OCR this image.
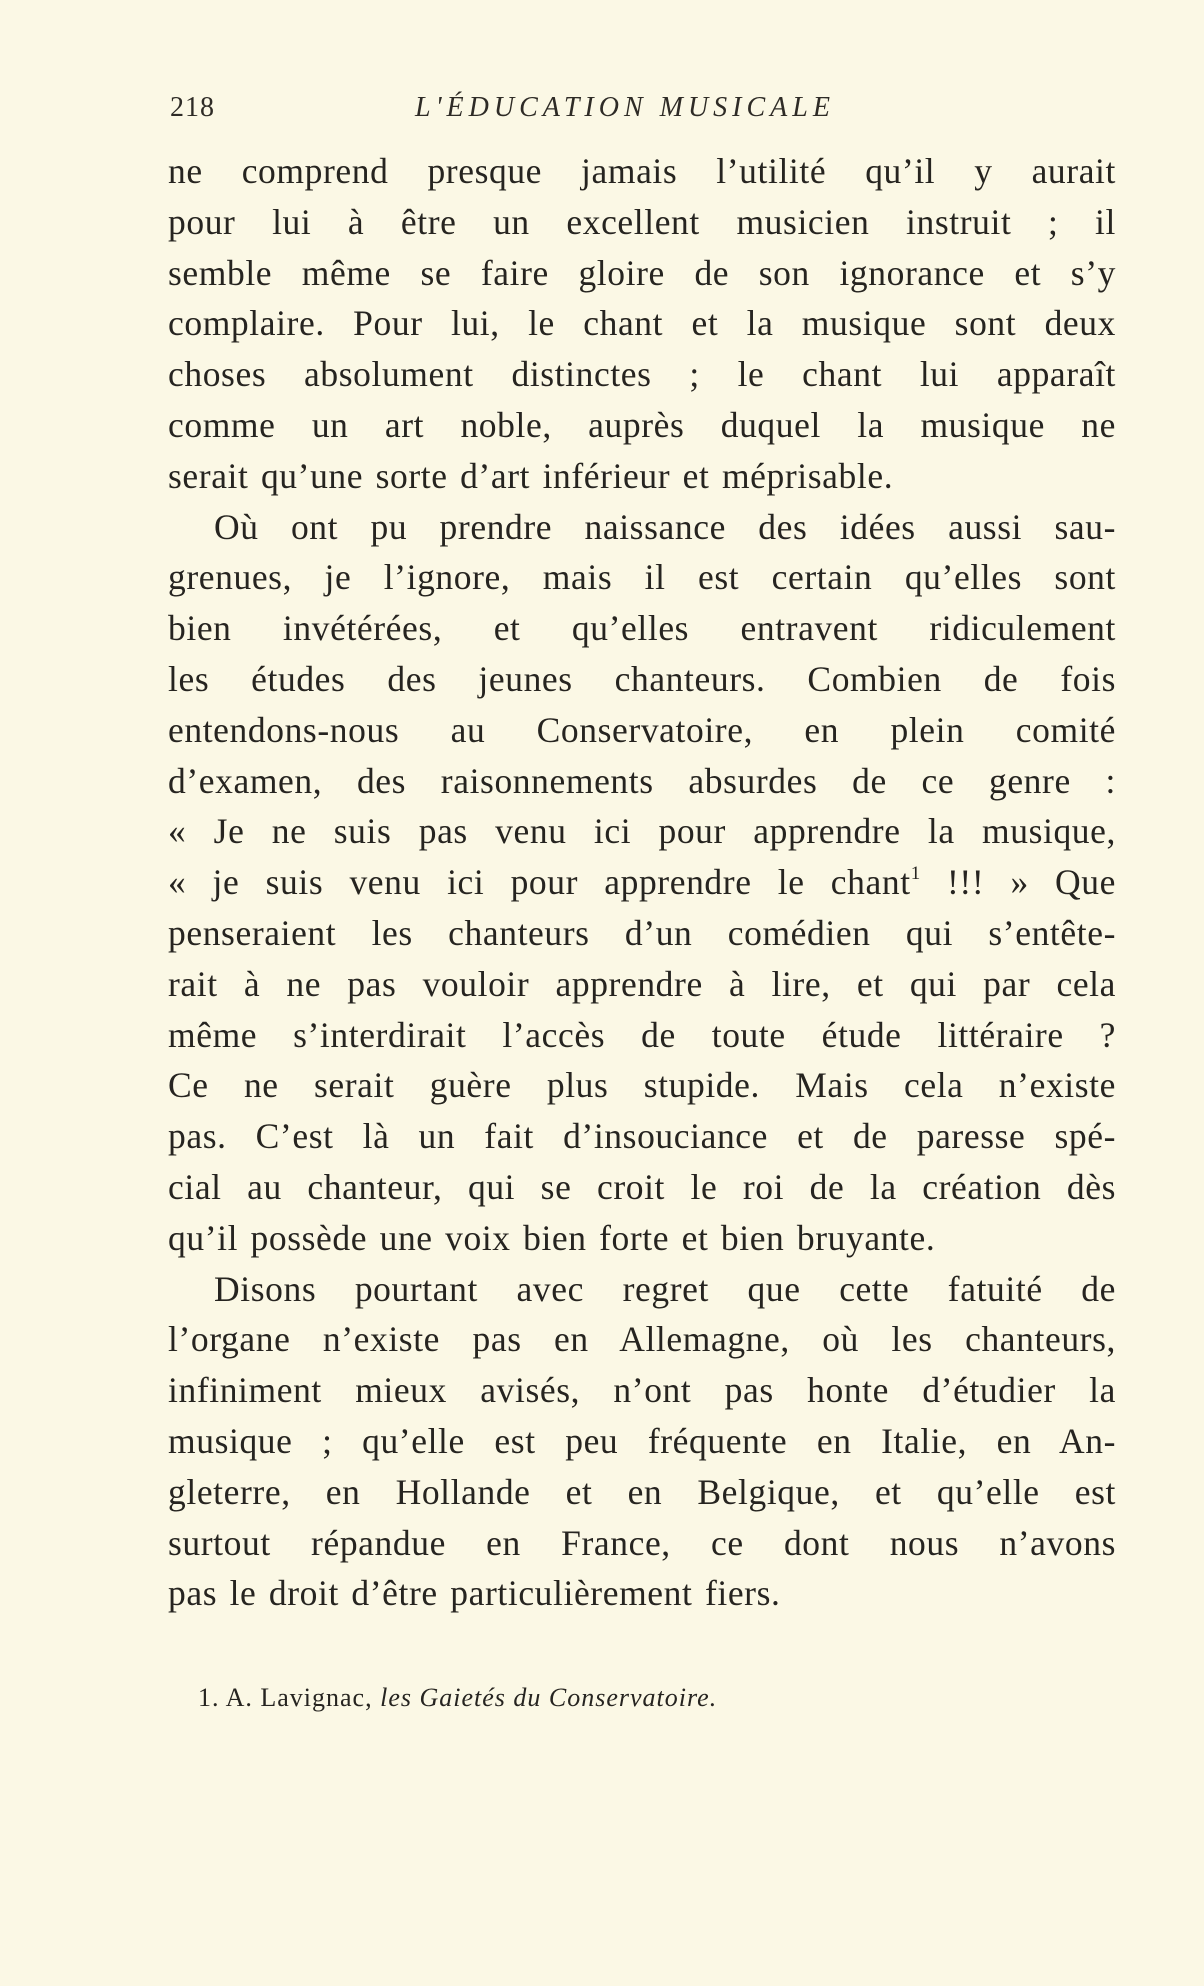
218	L'ÉDUCATION MUSICALE
ne comprend presque jamais l’utilité qu’il y aurait
pour lui à être un excellent musicien instruit ; il
semble même se faire gloire de son ignorance et s’y
complaire. Pour lui, le chant et la musique sont deux
choses absolument distinctes ; le chant lui apparaît
comme un art noble, auprès duquel la musique ne
serait qu’une sorte d’art inférieur et méprisable.
Où ont pu prendre naissance des idées aussi sau-
grenues, je l’ignore, mais il est certain qu’elles sont
bien invétérées, et qu’elles entravent ridiculement
les études des jeunes chanteurs. Combien de fois
entendons-nous au Conservatoire, en plein comité
d’examen, des raisonnements absurdes de ce genre :
« Je ne suis pas venu ici pour apprendre la musique,
« je suis venu ici pour apprendre le chant$^1$ !!! » Que
penseraient les chanteurs d’un comédien qui s’entête-
rait à ne pas vouloir apprendre à lire, et qui par cela
même s’interdirait l’accès de toute étude littéraire ?
Ce ne serait guère plus stupide. Mais cela n’existe
pas. C’est là un fait d’insouciance et de paresse spé-
cial au chanteur, qui se croit le roi de la création dès
qu’il possède une voix bien forte et bien bruyante.
Disons pourtant avec regret que cette fatuité de
l’organe n’existe pas en Allemagne, où les chanteurs,
infiniment mieux avisés, n’ont pas honte d’étudier la
musique ; qu’elle est peu fréquente en Italie, en An-
gleterre, en Hollande et en Belgique, et qu’elle est
surtout répandue en France, ce dont nous n’avons
pas le droit d’être particulièrement fiers.
1. A. Lavignac, les Gaietés du Conservatoire.
